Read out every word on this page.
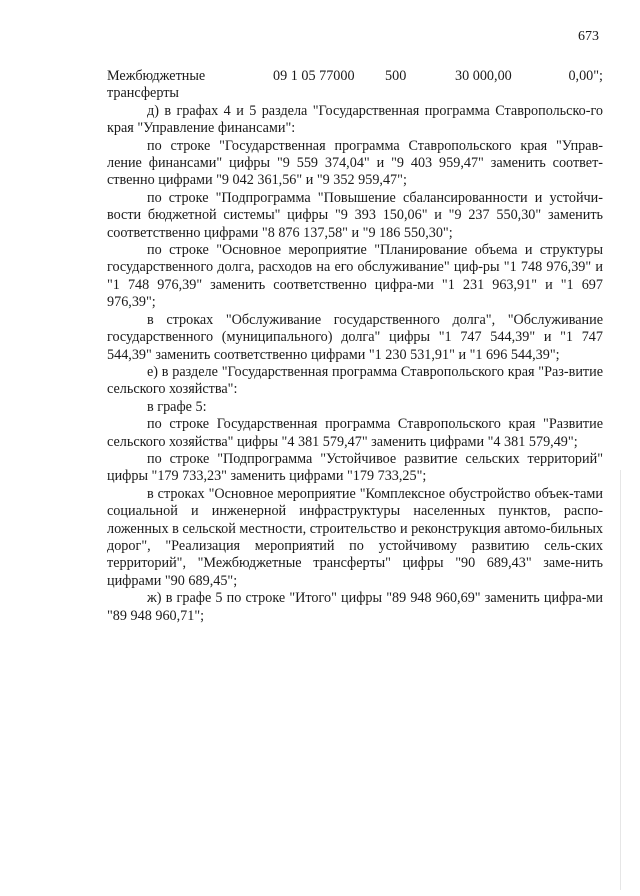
673
Межбюджетные	09 1 05 77000	500	30 000,00	0,00";
трансферты

д) в графах 4 и 5 раздела "Государственная программа Ставропольско-го края "Управление финансами":

по строке "Государственная программа Ставропольского края "Управ-ление финансами" цифры "9 559 374,04" и "9 403 959,47" заменить соответ-ственно цифрами "9 042 361,56" и "9 352 959,47";

по строке "Подпрограмма "Повышение сбалансированности и устойчи-вости бюджетной системы" цифры "9 393 150,06" и "9 237 550,30" заменить соответственно цифрами "8 876 137,58" и "9 186 550,30";

по строке "Основное мероприятие "Планирование объема и структуры государственного долга, расходов на его обслуживание" циф-ры "1 748 976,39" и "1 748 976,39" заменить соответственно цифра-ми "1 231 963,91" и "1 697 976,39";

в строках "Обслуживание государственного долга", "Обслуживание государственного (муниципального) долга" цифры "1 747 544,39" и "1 747 544,39" заменить соответственно цифрами "1 230 531,91" и "1 696 544,39";

е) в разделе "Государственная программа Ставропольского края "Раз-витие сельского хозяйства":

в графе 5:

по строке Государственная программа Ставропольского края "Развитие сельского хозяйства" цифры "4 381 579,47" заменить цифрами "4 381 579,49";

по строке "Подпрограмма "Устойчивое развитие сельских территорий" цифры "179 733,23" заменить цифрами "179 733,25";

в строках "Основное мероприятие "Комплексное обустройство объек-тами социальной и инженерной инфраструктуры населенных пунктов, распо-ложенных в сельской местности, строительство и реконструкция автомо-бильных дорог", "Реализация мероприятий по устойчивому развитию сель-ских территорий", "Межбюджетные трансферты" цифры "90 689,43" заме-нить цифрами "90 689,45";

ж) в графе 5 по строке "Итого" цифры "89 948 960,69" заменить цифра-ми "89 948 960,71";
